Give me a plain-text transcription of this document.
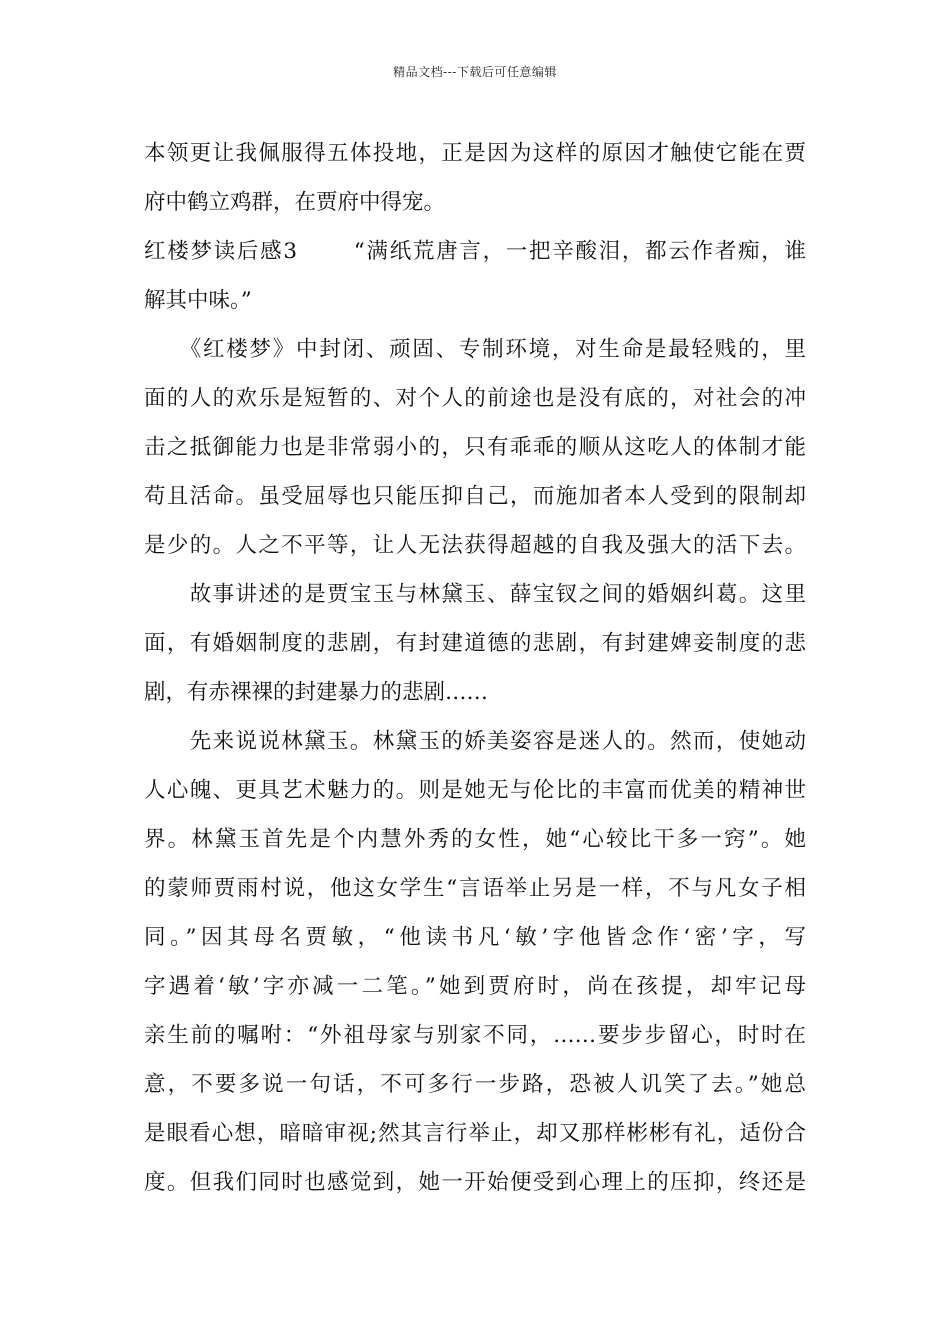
精品文档---下载后可任意编辑
本领更让我佩服得五体投地，正是因为这样的原因才触使它能在贾
府中鹤立鸡群，在贾府中得宠。
红楼梦读后感3　　 “满纸荒唐言，一把辛酸泪，都云作者痴，谁
解其中味。”
　　《红楼梦》中封闭、顽固、专制环境，对生命是最轻贱的，里
面的人的欢乐是短暂的、对个人的前途也是没有底的，对社会的冲
击之抵御能力也是非常弱小的，只有乖乖的顺从这吃人的体制才能
苟且活命。虽受屈辱也只能压抑自己，而施加者本人受到的限制却
是少的。人之不平等，让人无法获得超越的自我及强大的活下去。
　　故事讲述的是贾宝玉与林黛玉、薛宝钗之间的婚姻纠葛。这里
面，有婚姻制度的悲剧，有封建道德的悲剧，有封建婢妾制度的悲
剧，有赤裸裸的封建暴力的悲剧……
　　先来说说林黛玉。林黛玉的娇美姿容是迷人的。然而，使她动
人心魄、更具艺术魅力的。则是她无与伦比的丰富而优美的精神世
界。林黛玉首先是个内慧外秀的女性，她“心较比干多一窍”。她
的蒙师贾雨村说，他这女学生“言语举止另是一样，不与凡女子相
同。”因其母名贾敏，“他读书凡‘敏’字他皆念作‘密’字，写
字遇着‘敏’字亦减一二笔。”她到贾府时，尚在孩提，却牢记母
亲生前的嘱咐：“外祖母家与别家不同，……要步步留心，时时在
意，不要多说一句话，不可多行一步路，恐被人讥笑了去。”她总
是眼看心想，暗暗审视;然其言行举止，却又那样彬彬有礼，适份合
度。但我们同时也感觉到，她一开始便受到心理上的压抑，终还是
